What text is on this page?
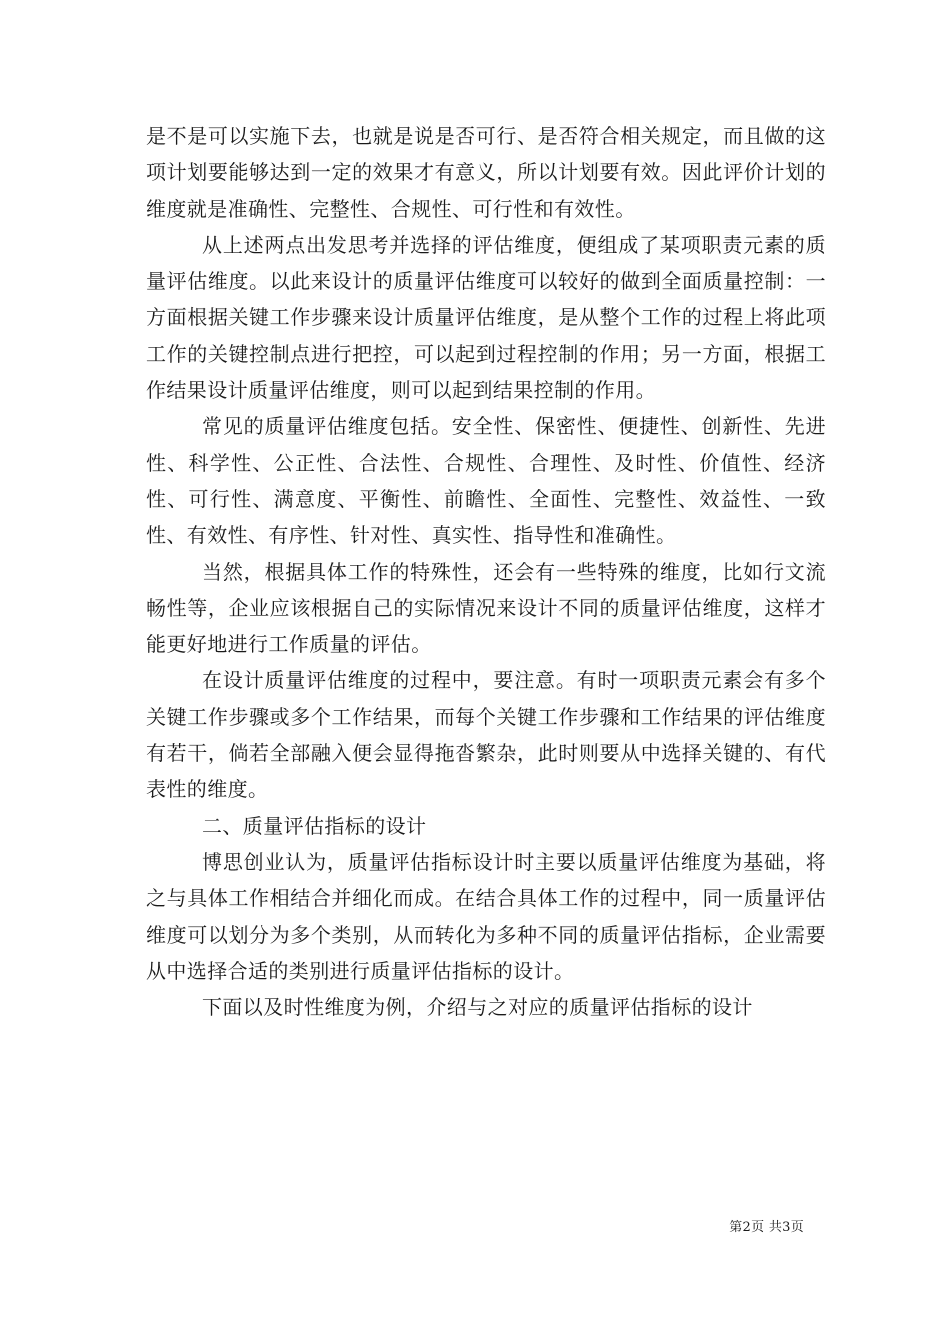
是不是可以实施下去，也就是说是否可行、是否符合相关规定，而且做的这项计划要能够达到一定的效果才有意义，所以计划要有效。因此评价计划的维度就是准确性、完整性、合规性、可行性和有效性。

从上述两点出发思考并选择的评估维度，便组成了某项职责元素的质量评估维度。以此来设计的质量评估维度可以较好的做到全面质量控制：一方面根据关键工作步骤来设计质量评估维度，是从整个工作的过程上将此项工作的关键控制点进行把控，可以起到过程控制的作用；另一方面，根据工作结果设计质量评估维度，则可以起到结果控制的作用。

常见的质量评估维度包括。安全性、保密性、便捷性、创新性、先进性、科学性、公正性、合法性、合规性、合理性、及时性、价值性、经济性、可行性、满意度、平衡性、前瞻性、全面性、完整性、效益性、一致性、有效性、有序性、针对性、真实性、指导性和准确性。

当然，根据具体工作的特殊性，还会有一些特殊的维度，比如行文流畅性等，企业应该根据自己的实际情况来设计不同的质量评估维度，这样才能更好地进行工作质量的评估。

在设计质量评估维度的过程中，要注意。有时一项职责元素会有多个关键工作步骤或多个工作结果，而每个关键工作步骤和工作结果的评估维度有若干，倘若全部融入便会显得拖沓繁杂，此时则要从中选择关键的、有代表性的维度。

二、质量评估指标的设计

博思创业认为，质量评估指标设计时主要以质量评估维度为基础，将之与具体工作相结合并细化而成。在结合具体工作的过程中，同一质量评估维度可以划分为多个类别，从而转化为多种不同的质量评估指标，企业需要从中选择合适的类别进行质量评估指标的设计。

下面以及时性维度为例，介绍与之对应的质量评估指标的设计

第2页 共3页
